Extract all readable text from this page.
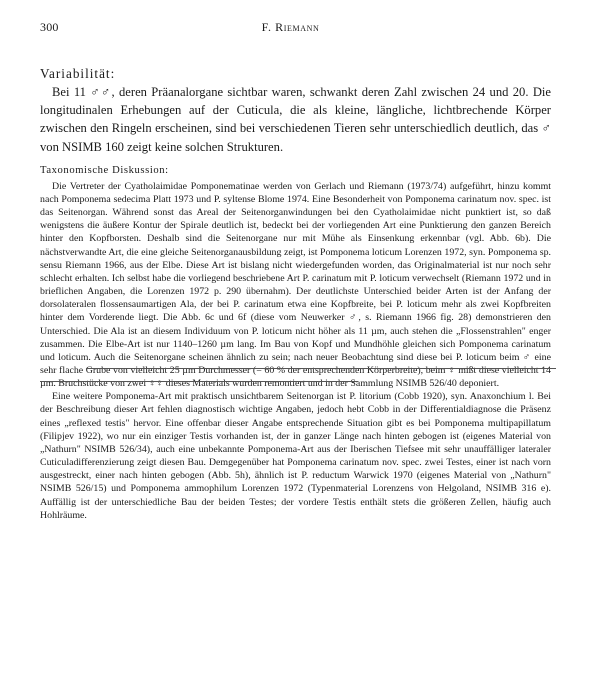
300	F. Riemann
Variabilität:

Bei 11 ♂♂, deren Präanalorgane sichtbar waren, schwankt deren Zahl zwischen 24 und 20. Die longitudinalen Erhebungen auf der Cuticula, die als kleine, längliche, lichtbrechende Körper zwischen den Ringeln erscheinen, sind bei verschiedenen Tieren sehr unterschiedlich deutlich, das ♂ von NSIMB 160 zeigt keine solchen Strukturen.

Taxonomische Diskussion:

Die Vertreter der Cyatholaimidae Pomponematinae werden von Gerlach und Riemann (1973/74) aufgeführt, hinzu kommt nach Pomponema sedecima Platt 1973 und P. syltense Blome 1974. Eine Besonderheit von Pomponema carinatum nov. spec. ist das Seitenorgan. Während sonst das Areal der Seitenorganwindungen bei den Cyatholaimidae nicht punktiert ist, so daß wenigstens die äußere Kontur der Spirale deutlich ist, bedeckt bei der vorliegenden Art eine Punktierung den ganzen Bereich hinter den Kopfborsten. Deshalb sind die Seitenorgane nur mit Mühe als Einsenkung erkennbar (vgl. Abb. 6b). Die nächstverwandte Art, die eine gleiche Seitenorganausbildung zeigt, ist Pomponema loticum Lorenzen 1972, syn. Pomponema sp. sensu Riemann 1966, aus der Elbe. Diese Art ist bislang nicht wiedergefunden worden, das Originalmaterial ist nur noch sehr schlecht erhalten. Ich selbst habe die vorliegend beschriebene Art P. carinatum mit P. loticum verwechselt (Riemann 1972 und in brieflichen Angaben, die Lorenzen 1972 p. 290 übernahm). Der deutlichste Unterschied beider Arten ist der Anfang der dorsolateralen flossensaumartigen Ala, der bei P. carinatum etwa eine Kopfbreite, bei P. loticum mehr als zwei Kopfbreiten hinter dem Vorderende liegt. Die Abb. 6c und 6f (diese vom Neuwerker ♂, s. Riemann 1966 fig. 28) demonstrieren den Unterschied. Die Ala ist an diesem Individuum von P. loticum nicht höher als 11 µm, auch stehen die „Flossenstrahlen" enger zusammen. Die Elbe-Art ist nur 1140–1260 µm lang. Im Bau von Kopf und Mundhöhle gleichen sich Pomponema carinatum und loticum. Auch die Seitenorgane scheinen ähnlich zu sein; nach neuer Beobachtung sind diese bei P. loticum beim ♂ eine sehr flache Grube von vielleicht 25 µm Durchmesser (= 60 % der entsprechenden Körperbreite), beim ♀ mißt diese vielleicht 14 µm. Bruchstücke von zwei ♀♀ dieses Materials wurden remontiert und in der Sammlung NSIMB 526/40 deponiert.

Eine weitere Pomponema-Art mit praktisch unsichtbarem Seitenorgan ist P. litorium (Cobb 1920), syn. Anaxonchium l. Bei der Beschreibung dieser Art fehlen diagnostisch wichtige Angaben, jedoch hebt Cobb in der Differentialdiagnose die Präsenz eines „reflexed testis" hervor. Eine offenbar dieser Angabe entsprechende Situation gibt es bei Pomponema multipapillatum (Filipjev 1922), wo nur ein einziger Testis vorhanden ist, der in ganzer Länge nach hinten gebogen ist (eigenes Material von „Nathurn" NSIMB 526/34), auch eine unbekannte Pomponema-Art aus der Iberischen Tiefsee mit sehr unauffälliger lateraler Cuticuladifferenzierung zeigt diesen Bau. Demgegenüber hat Pomponema carinatum nov. spec. zwei Testes, einer ist nach vorn ausgestreckt, einer nach hinten gebogen (Abb. 5h), ähnlich ist P. reductum Warwick 1970 (eigenes Material von „Nathurn" NSIMB 526/15) und Pomponema ammophilum Lorenzen 1972 (Typenmaterial Lorenzens von Helgoland, NSIMB 316 e). Auffällig ist der unterschiedliche Bau der beiden Testes; der vordere Testis enthält stets die größeren Zellen, häufig auch Hohlräume.
